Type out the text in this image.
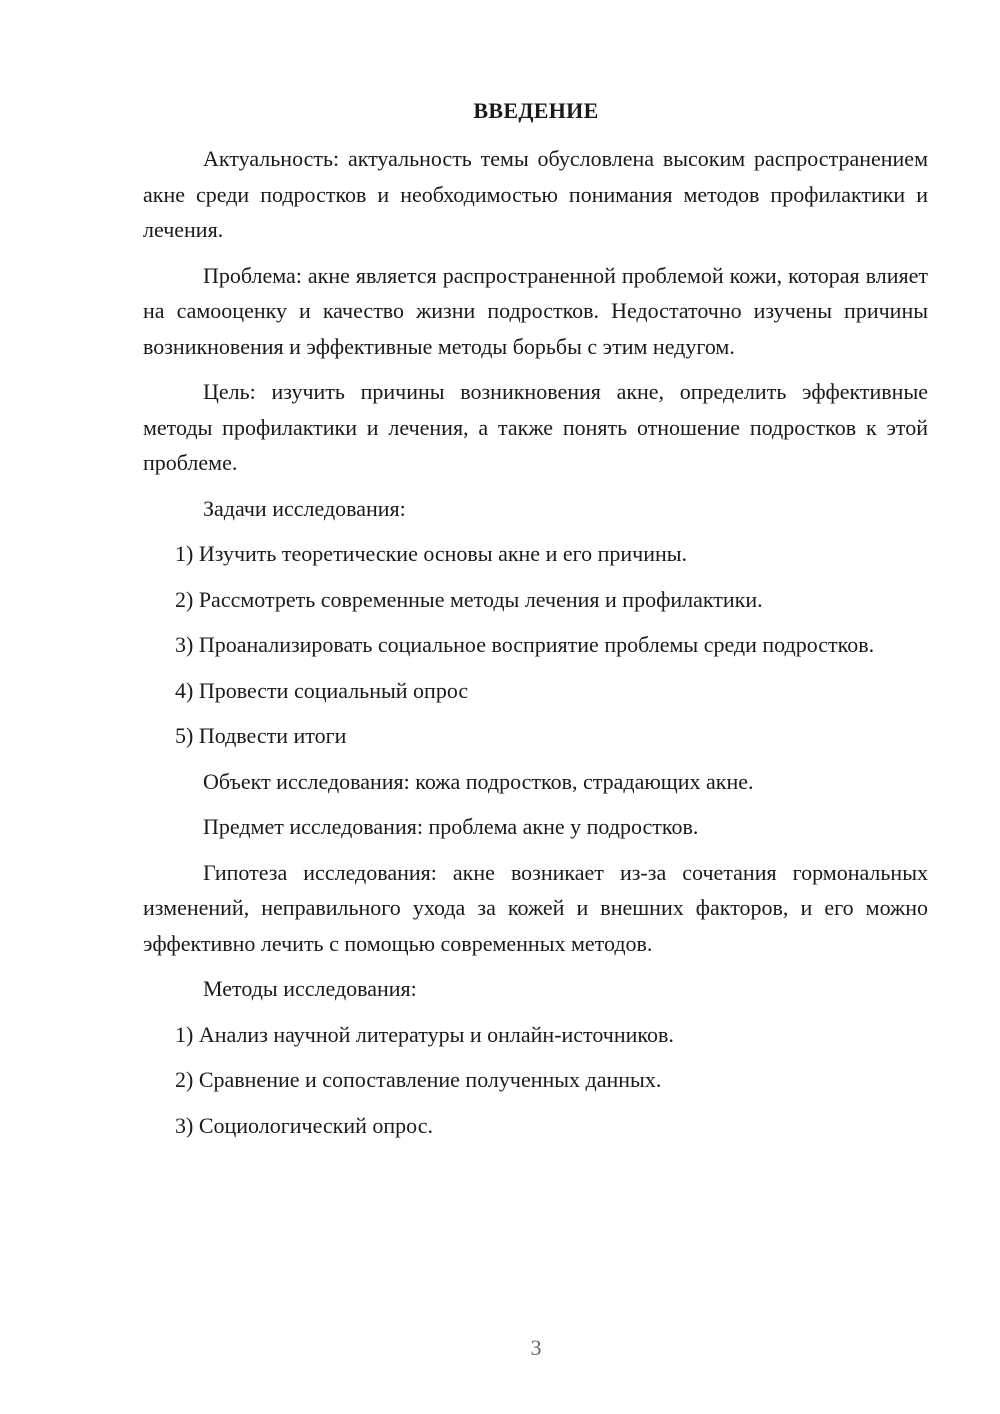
ВВЕДЕНИЕ

Актуальность: актуальность темы обусловлена высоким распространением акне среди подростков и необходимостью понимания методов профилактики и лечения.

Проблема: акне является распространенной проблемой кожи, которая влияет на самооценку и качество жизни подростков. Недостаточно изучены причины возникновения и эффективные методы борьбы с этим недугом.

Цель: изучить причины возникновения акне, определить эффективные методы профилактики и лечения, а также понять отношение подростков к этой проблеме.

Задачи исследования:

1) Изучить теоретические основы акне и его причины.

2) Рассмотреть современные методы лечения и профилактики.

3) Проанализировать социальное восприятие проблемы среди подростков.

4) Провести социальный опрос

5) Подвести итоги

Объект исследования: кожа подростков, страдающих акне.

Предмет исследования: проблема акне у подростков.

Гипотеза исследования: акне возникает из-за сочетания гормональных изменений, неправильного ухода за кожей и внешних факторов, и его можно эффективно лечить с помощью современных методов.

Методы исследования:

1) Анализ научной литературы и онлайн-источников.

2) Сравнение и сопоставление полученных данных.

3) Социологический опрос.

3
